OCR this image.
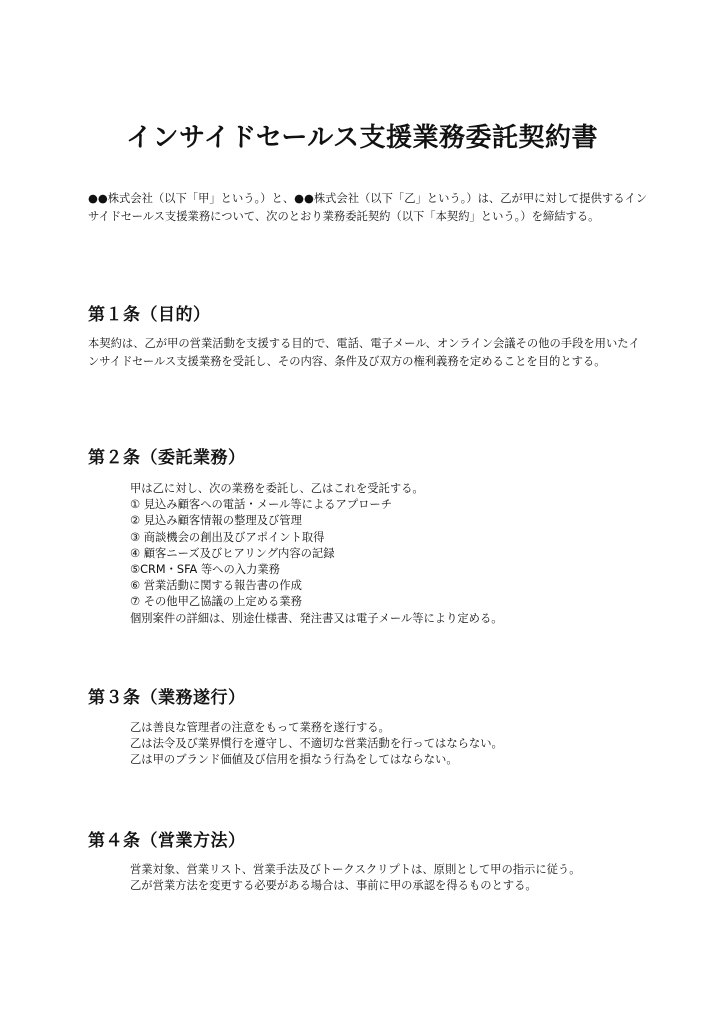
インサイドセールス支援業務委託契約書

●●株式会社（以下「甲」という。）と、●●株式会社（以下「乙」という。）は、乙が甲に対して提供するインサイドセールス支援業務について、次のとおり業務委託契約（以下「本契約」という。）を締結する。

第１条（目的）

本契約は、乙が甲の営業活動を支援する目的で、電話、電子メール、オンライン会議その他の手段を用いたインサイドセールス支援業務を受託し、その内容、条件及び双方の権利義務を定めることを目的とする。

第２条（委託業務）
甲は乙に対し、次の業務を委託し、乙はこれを受託する。
① 見込み顧客への電話・メール等によるアプローチ
② 見込み顧客情報の整理及び管理
③ 商談機会の創出及びアポイント取得
④ 顧客ニーズ及びヒアリング内容の記録
⑤CRM・SFA 等への入力業務
⑥ 営業活動に関する報告書の作成
⑦ その他甲乙協議の上定める業務
個別案件の詳細は、別途仕様書、発注書又は電子メール等により定める。
第３条（業務遂行）
乙は善良な管理者の注意をもって業務を遂行する。
乙は法令及び業界慣行を遵守し、不適切な営業活動を行ってはならない。
乙は甲のブランド価値及び信用を損なう行為をしてはならない。
第４条（営業方法）
営業対象、営業リスト、営業手法及びトークスクリプトは、原則として甲の指示に従う。
乙が営業方法を変更する必要がある場合は、事前に甲の承認を得るものとする。
